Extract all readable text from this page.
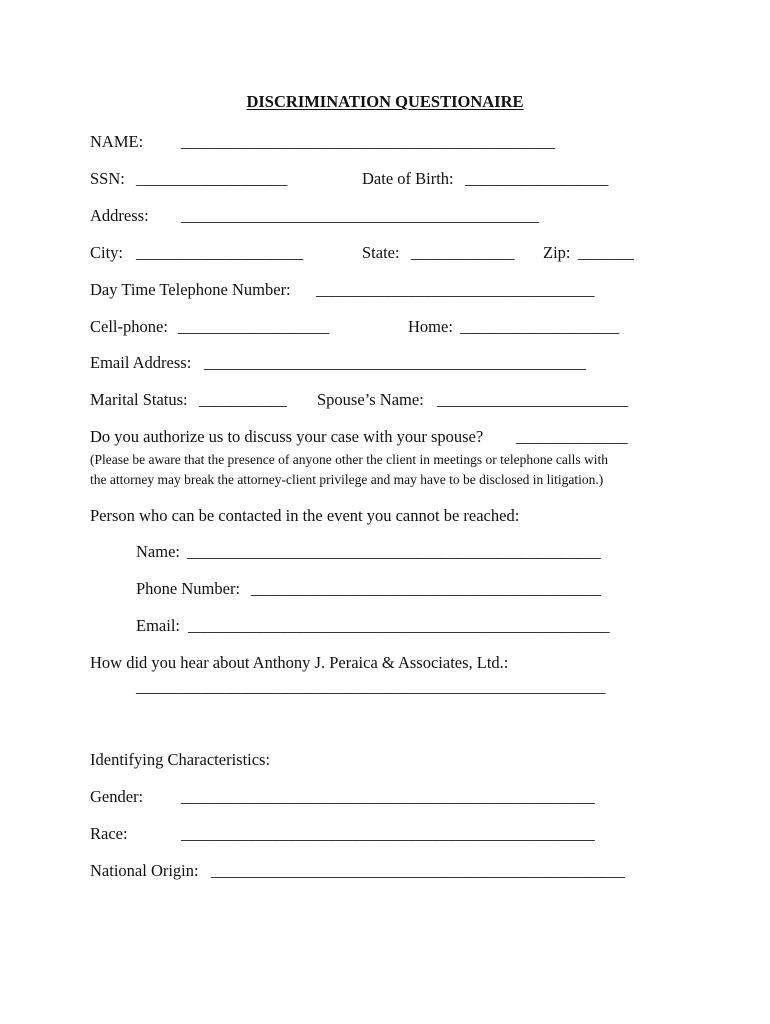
DISCRIMINATION QUESTIONAIRE
NAME: _______________________________________________
SSN: ___________________	Date of Birth: __________________
Address: _____________________________________________
City: _____________________	State: _____________ Zip: _______
Day Time Telephone Number: ___________________________________
Cell-phone: ___________________	Home: ____________________
Email Address: ________________________________________________
Marital Status: ___________ Spouse’s Name: ________________________
Do you authorize us to discuss your case with your spouse? ______________
(Please be aware that the presence of anyone other the client in meetings or telephone calls with
the attorney may break the attorney-client privilege and may have to be disclosed in litigation.)
Person who can be contacted in the event you cannot be reached:
Name: ____________________________________________________
Phone Number: ____________________________________________
Email: _____________________________________________________
How did you hear about Anthony J. Peraica & Associates, Ltd.:
___________________________________________________________
Identifying Characteristics:
Gender: ____________________________________________________
Race:	____________________________________________________
National Origin: ____________________________________________________
